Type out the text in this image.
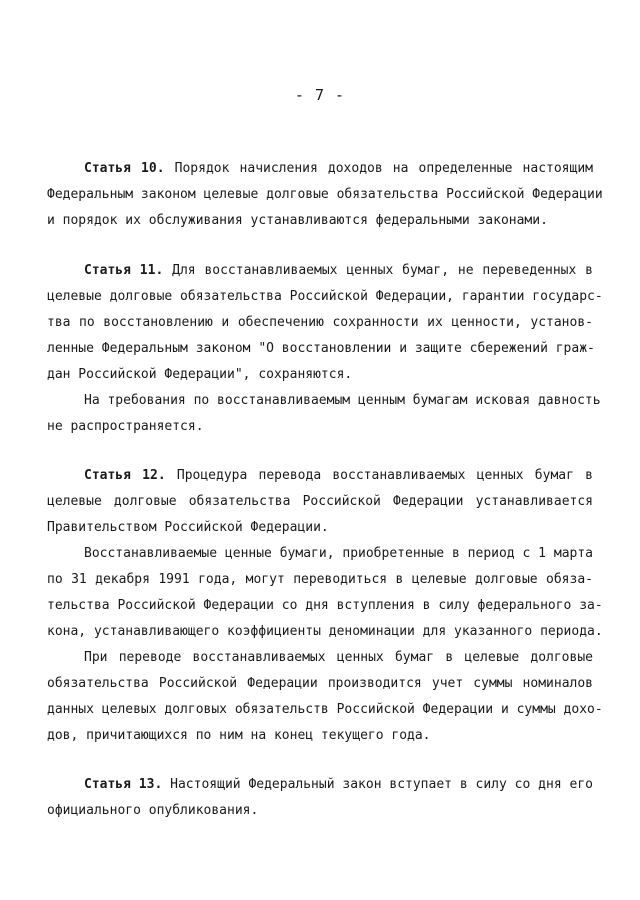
- 7 -
Статья 10. Порядок начисления доходов на определенные настоящим
Федеральным законом целевые долговые обязательства Российской Федерации
и порядок их обслуживания устанавливаются федеральными законами.
Статья 11. Для восстанавливаемых ценных бумаг, не переведенных в
целевые долговые обязательства Российской Федерации, гарантии государс-
тва по восстановлению и обеспечению сохранности их ценности, установ-
ленные Федеральным законом "О восстановлении и защите сбережений граж-
дан Российской Федерации", сохраняются.
На требования по восстанавливаемым ценным бумагам исковая давность
не распространяется.
Статья 12. Процедура перевода восстанавливаемых ценных бумаг в
целевые долговые обязательства Российской Федерации устанавливается
Правительством Российской Федерации.
Восстанавливаемые ценные бумаги, приобретенные в период с 1 марта
по 31 декабря 1991 года, могут переводиться в целевые долговые обяза-
тельства Российской Федерации со дня вступления в силу федерального за-
кона, устанавливающего коэффициенты деноминации для указанного периода.
При переводе восстанавливаемых ценных бумаг в целевые долговые
обязательства Российской Федерации производится учет суммы номиналов
данных целевых долговых обязательств Российской Федерации и суммы дохо-
дов, причитающихся по ним на конец текущего года.
Статья 13. Настоящий Федеральный закон вступает в силу со дня его
официального опубликования.
